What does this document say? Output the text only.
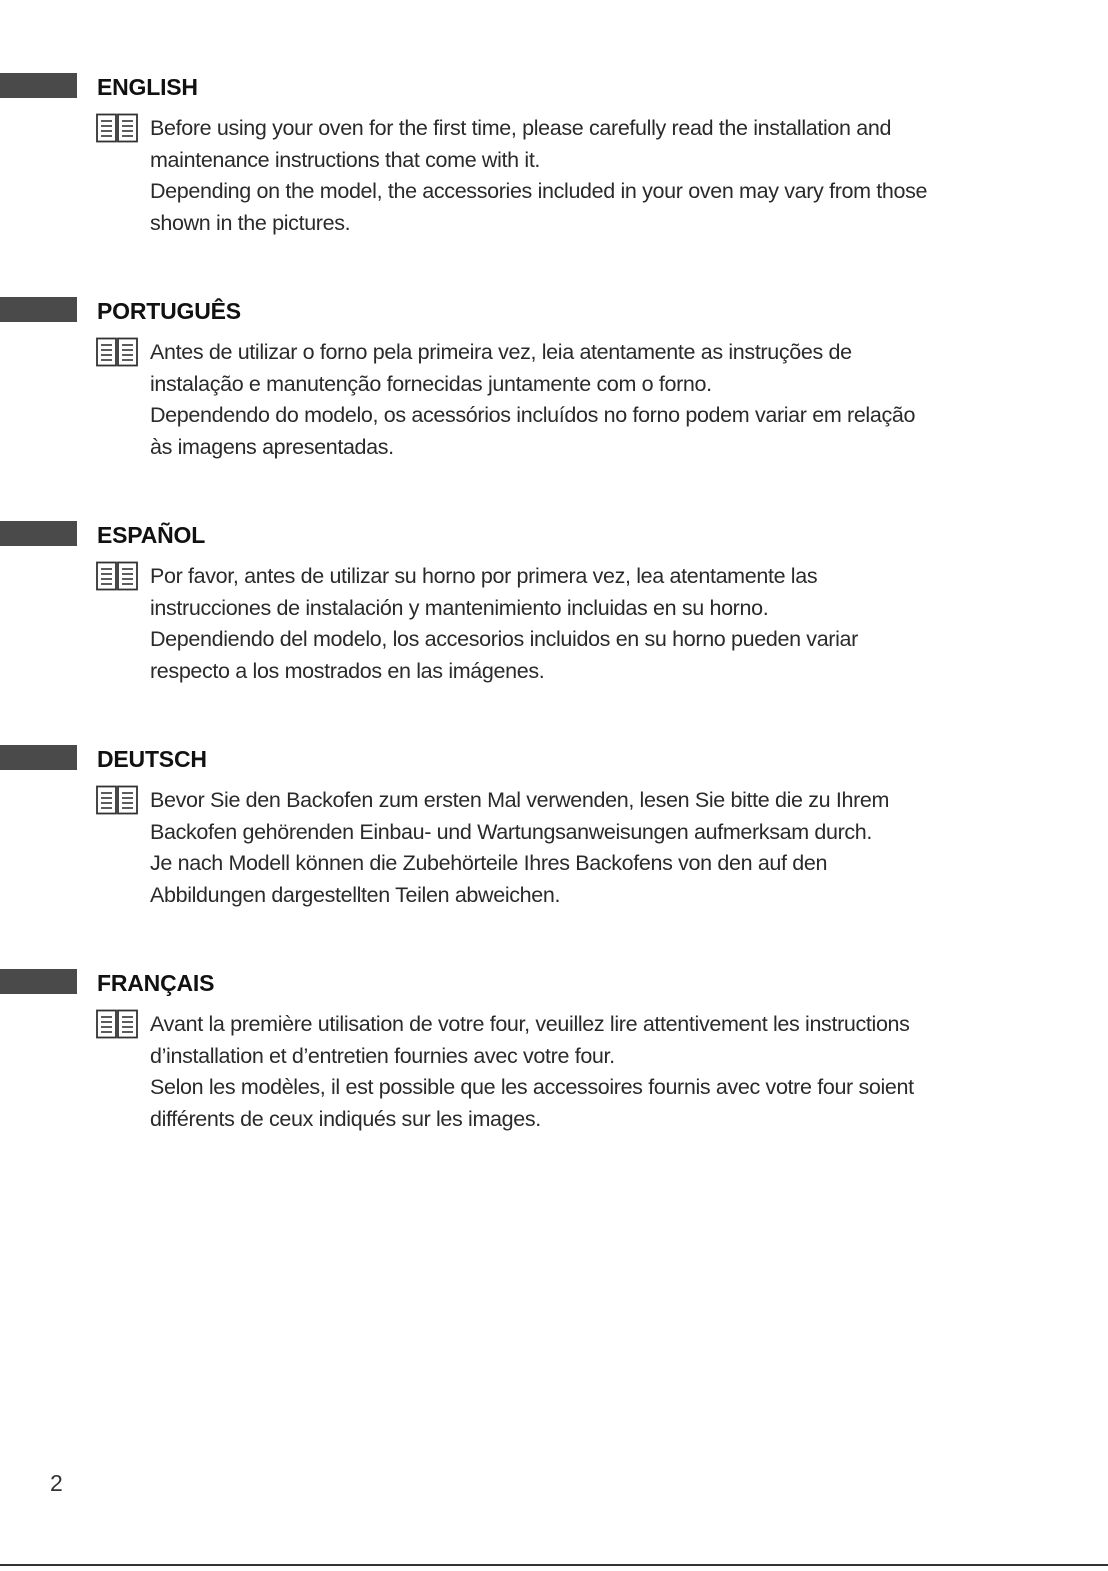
ENGLISH
Before using your oven for the first time, please carefully read the installation and
maintenance instructions that come with it.
Depending on the model, the accessories included in your oven may vary from those
shown in the pictures.
PORTUGUÊS
Antes de utilizar o forno pela primeira vez, leia atentamente as instruções de
instalação e manutenção fornecidas juntamente com o forno.
Dependendo do modelo, os acessórios incluídos no forno podem variar em relação
às imagens apresentadas.
ESPAÑOL
Por favor, antes de utilizar su horno por primera vez, lea atentamente las
instrucciones de instalación y mantenimiento incluidas en su horno.
Dependiendo del modelo, los accesorios incluidos en su horno pueden variar
respecto a los mostrados en las imágenes.
DEUTSCH
Bevor Sie den Backofen zum ersten Mal verwenden, lesen Sie bitte die zu Ihrem
Backofen gehörenden Einbau- und Wartungsanweisungen aufmerksam durch.
Je nach Modell können die Zubehörteile Ihres Backofens von den auf den
Abbildungen dargestellten Teilen abweichen.
FRANÇAIS
Avant la première utilisation de votre four, veuillez lire attentivement les instructions
d’installation et d’entretien fournies avec votre four.
Selon les modèles, il est possible que les accessoires fournis avec votre four soient
différents de ceux indiqués sur les images.
2
